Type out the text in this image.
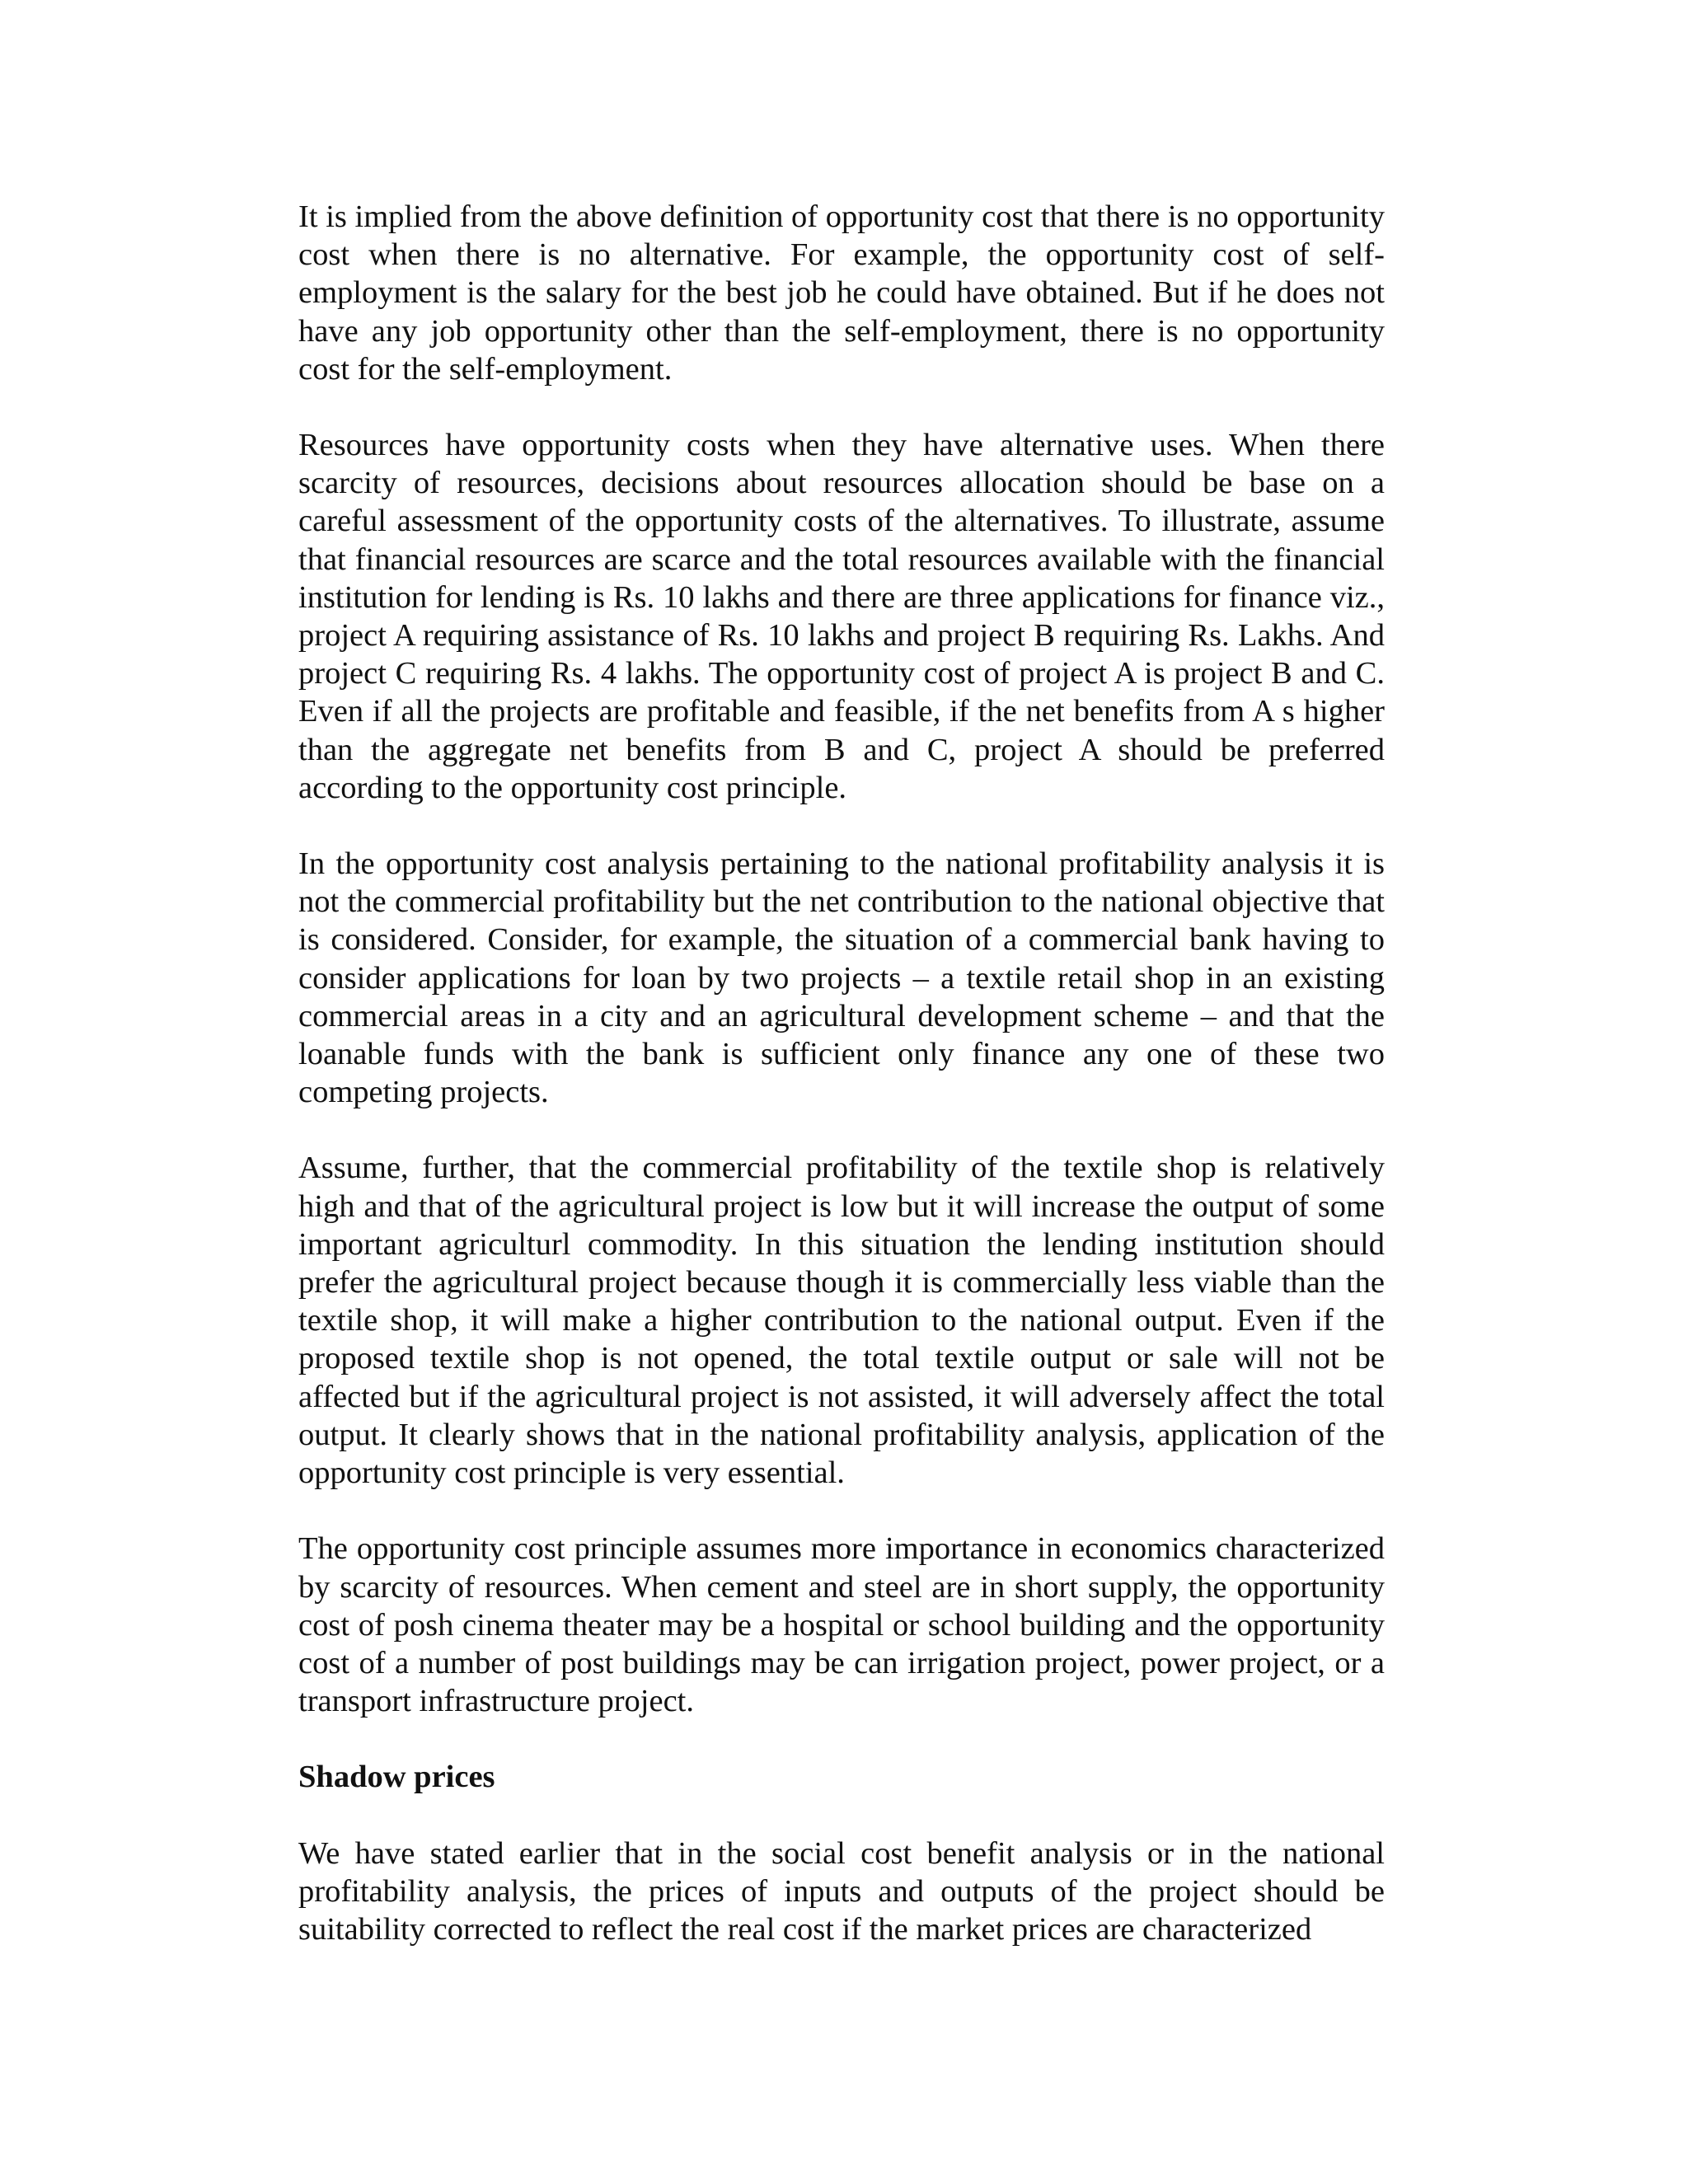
It is implied from the above definition of opportunity cost that there is no opportunity cost when there is no alternative. For example, the opportunity cost of self-employment is the salary for the best job he could have obtained. But if he does not have any job opportunity other than the self-employment, there is no opportunity cost for the self-employment.

Resources have opportunity costs when they have alternative uses. When there scarcity of resources, decisions about resources allocation should be base on a careful assessment of the opportunity costs of the alternatives. To illustrate, assume that financial resources are scarce and the total resources available with the financial institution for lending is Rs. 10 lakhs and there are three applications for finance viz., project A requiring assistance of Rs. 10 lakhs and project B requiring Rs. Lakhs. And project C requiring Rs. 4 lakhs. The opportunity cost of project A is project B and C. Even if all the projects are profitable and feasible, if the net benefits from A s higher than the aggregate net benefits from B and C, project A should be preferred according to the opportunity cost principle.

In the opportunity cost analysis pertaining to the national profitability analysis it is not the commercial profitability but the net contribution to the national objective that is considered. Consider, for example, the situation of a commercial bank having to consider applications for loan by two projects – a textile retail shop in an existing commercial areas in a city and an agricultural development scheme – and that the loanable funds with the bank is sufficient only finance any one of these two competing projects.

Assume, further, that the commercial profitability of the textile shop is relatively high and that of the agricultural project is low but it will increase the output of some important agriculturl commodity. In this situation the lending institution should prefer the agricultural project because though it is commercially less viable than the textile shop, it will make a higher contribution to the national output. Even if the proposed textile shop is not opened, the total textile output or sale will not be affected but if the agricultural project is not assisted, it will adversely affect the total output. It clearly shows that in the national profitability analysis, application of the opportunity cost principle is very essential.

The opportunity cost principle assumes more importance in economics characterized by scarcity of resources. When cement and steel are in short supply, the opportunity cost of posh cinema theater may be a hospital or school building and the opportunity cost of a number of post buildings may be can irrigation project, power project, or a transport infrastructure project.

Shadow prices

We have stated earlier that in the social cost benefit analysis or in the national profitability analysis, the prices of inputs and outputs of the project should be suitability corrected to reflect the real cost if the market prices are characterized
